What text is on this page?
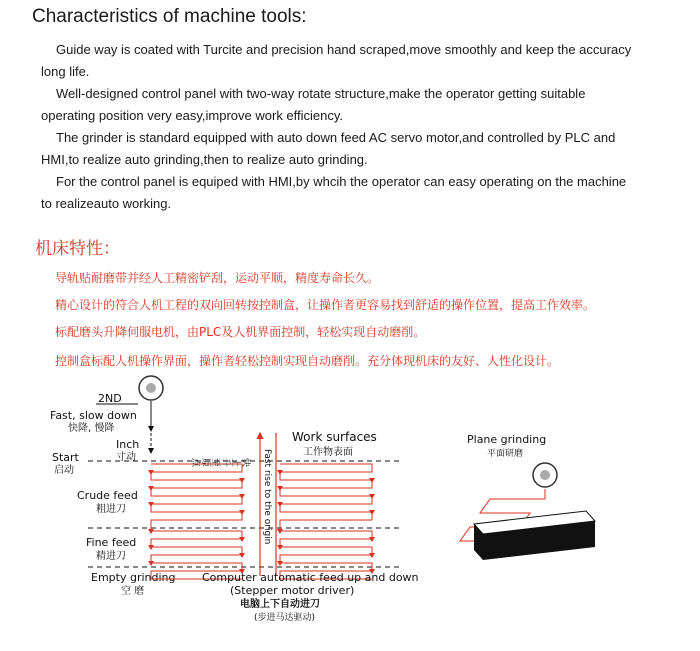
Characteristics of machine tools:
Guide way is coated with Turcite and precision hand scraped,move smoothly and keep the accuracy
long life.
Well-designed control panel with two-way rotate structure,make the operator getting suitable
operating position very easy,improve work efficiency.
The grinder is standard equipped with auto down feed AC servo motor,and controlled by PLC and
HMI,to realize auto grinding,then to realize auto grinding.
For the control panel is equiped with HMI,by whcih the operator can easy operating on the machine
to realizeauto working.
机床特性：
导轨贴耐磨带并经人工精密铲刮，运动平顺，精度寿命长久。
精心设计的符合人机工程的双向回转按控制盒，让操作者更容易找到舒适的操作位置，提高工作效率。
标配磨头升降伺服电机，由PLC及人机界面控制，轻松实现自动磨削。
控制盒标配人机操作界面，操作者轻松控制实现自动磨削。充分体现机床的友好、人性化设计。
2ND
Fast, slow down
快降, 慢降
Inch
寸动
Start
启动
Crude feed
粗进刀
Fine feed
精进刀
Empty grinding
空 磨
快上升至原点 Fast rise to the origin
Work surfaces
工作物表面
Computer automatic feed up and down
(Stepper motor driver)
电脑上下自动进刀
(步进马达驱动)
Plane grinding
平面研磨
